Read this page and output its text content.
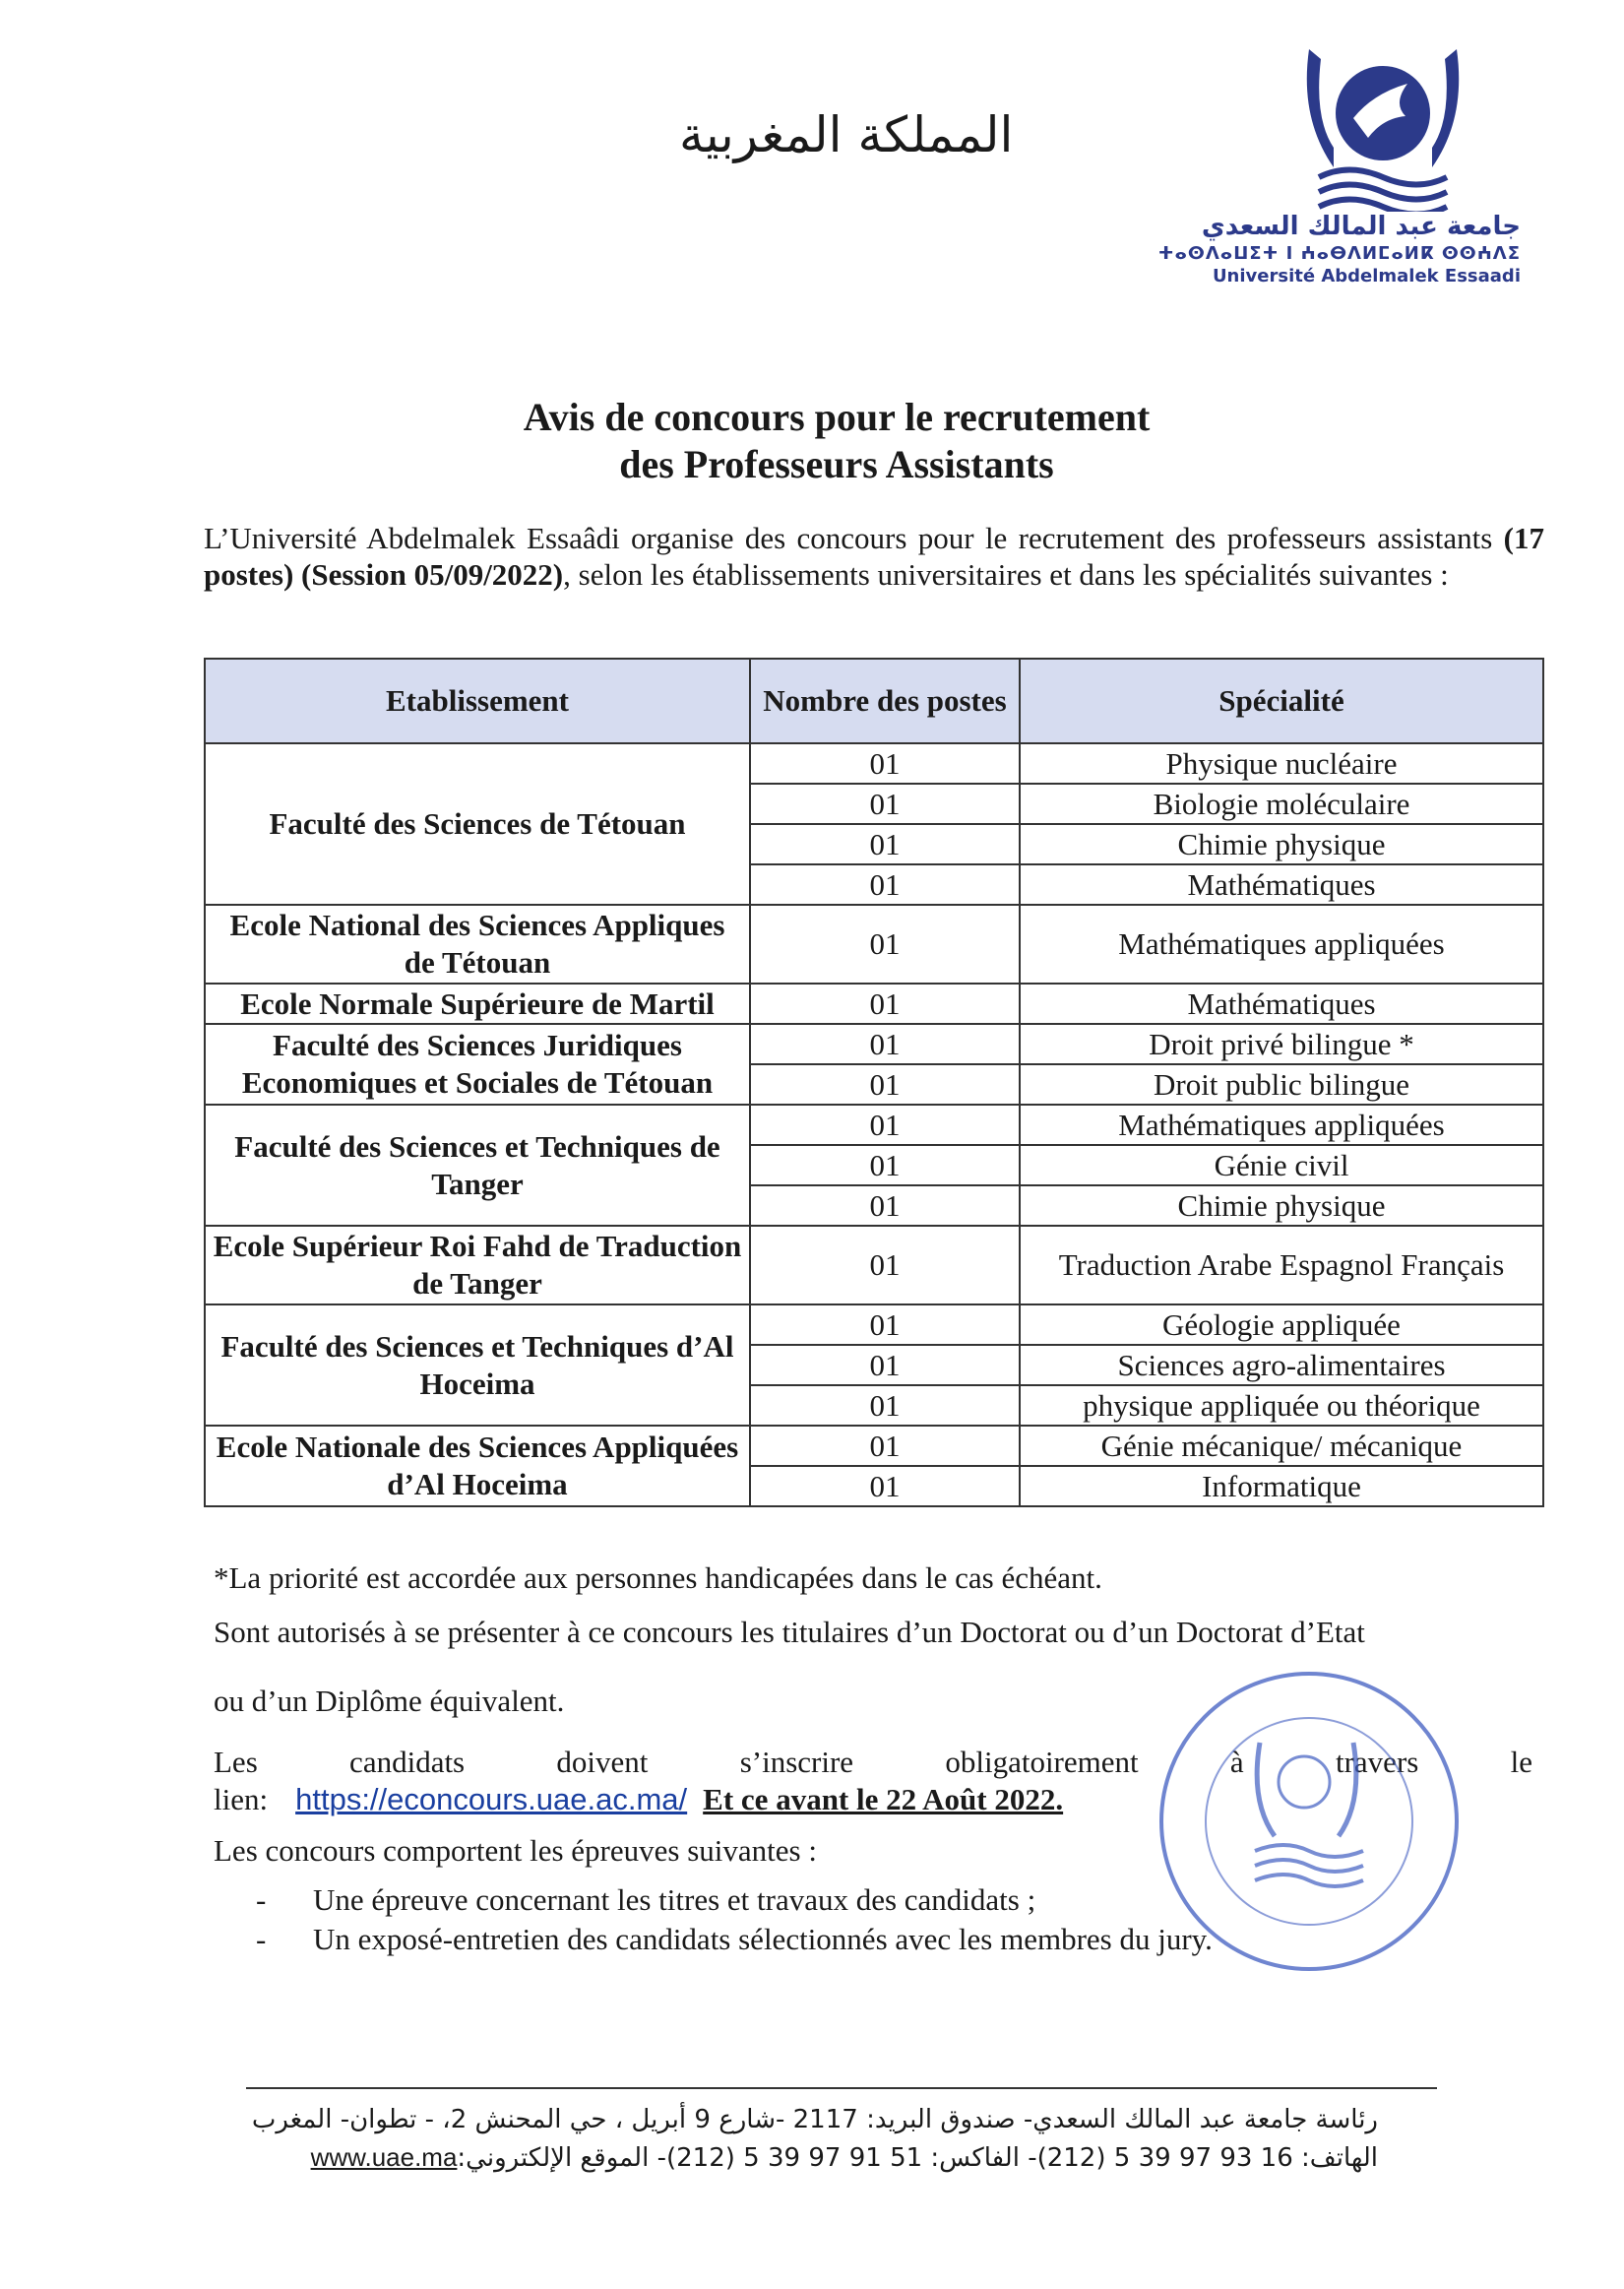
المملكة المغربية
جامعة عبد المالك السعدي
ⵜⴰⵙⴷⴰⵡⵉⵜ ⵏ ⵄⴰⴱⴷⵍⵎⴰⵍⴽ ⵙⵙⵄⴷⵉ
Université Abdelmalek Essaadi
Avis de concours pour le recrutement
des Professeurs Assistants
L’Université Abdelmalek Essaâdi organise des concours pour le recrutement des professeurs assistants (17 postes) (Session 05/09/2022), selon les établissements universitaires et dans les spécialités suivantes :
Etablissement	Nombre des postes	Spécialité
Faculté des Sciences de Tétouan	01	Physique nucléaire
	01	Biologie moléculaire
	01	Chimie physique
	01	Mathématiques
Ecole National des Sciences Appliques de Tétouan	01	Mathématiques appliquées
Ecole Normale Supérieure de Martil	01	Mathématiques
Faculté des Sciences Juridiques Economiques et Sociales de Tétouan	01	Droit privé bilingue *
	01	Droit public bilingue
Faculté des Sciences et Techniques de Tanger	01	Mathématiques appliquées
	01	Génie civil
	01	Chimie physique
Ecole Supérieur Roi Fahd de Traduction de Tanger	01	Traduction Arabe Espagnol Français
Faculté des Sciences et Techniques d’Al Hoceima	01	Géologie appliquée
	01	Sciences agro-alimentaires
	01	physique appliquée ou théorique
Ecole Nationale des Sciences Appliquées d’Al Hoceima	01	Génie mécanique/ mécanique
	01	Informatique
*La priorité est accordée aux personnes handicapées dans le cas échéant.
Sont autorisés à se présenter à ce concours les titulaires d’un Doctorat ou d’un Doctorat d’Etat
ou d’un Diplôme équivalent.
Les candidats doivent s’inscrire obligatoirement à travers le
lien: https://econcours.uae.ac.ma/ Et ce avant le 22 Août 2022.
Les concours comportent les épreuves suivantes :
- Une épreuve concernant les titres et travaux des candidats ;
- Un exposé-entretien des candidats sélectionnés avec les membres du jury.
رئاسة جامعة عبد المالك السعدي- صندوق البريد: 2117 -شارع 9 أبريل ، حي المحنش 2، - تطوان- المغرب
الهاتف: 16 93 97 39 5 (212)- الفاكس: 51 91 97 39 5 (212)- الموقع الإلكتروني:www.uae.ma
